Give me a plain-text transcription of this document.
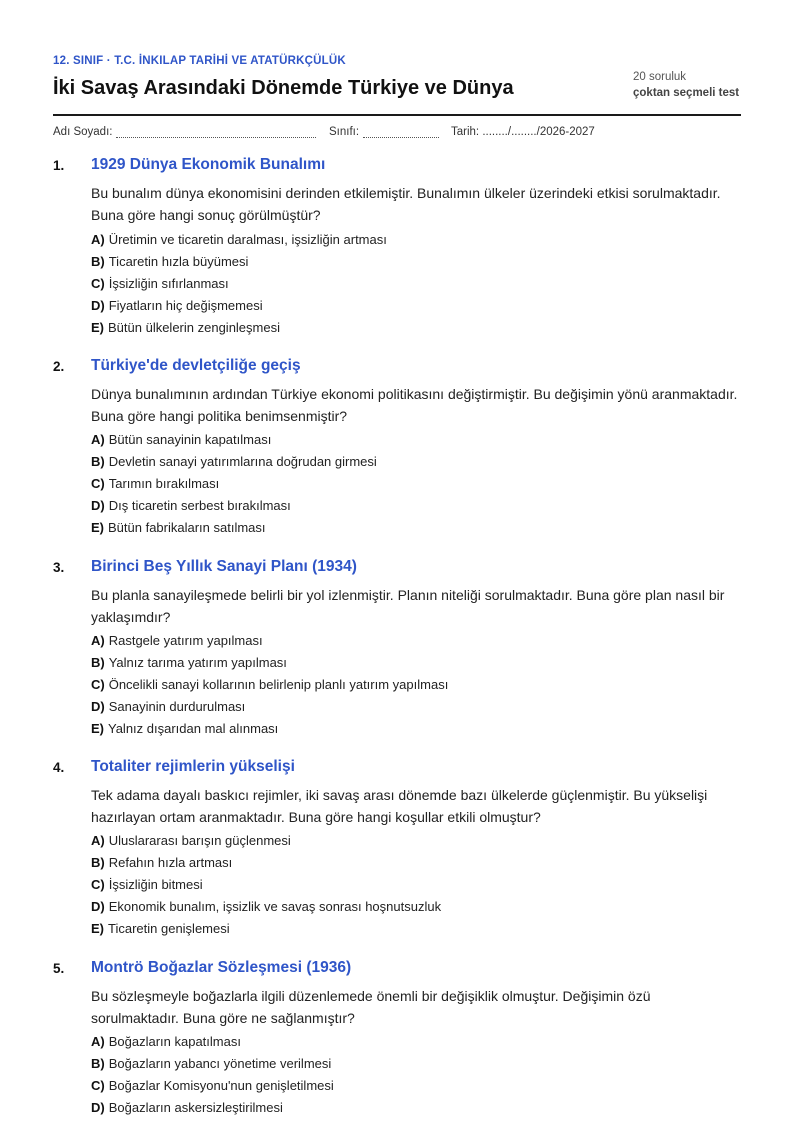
12. SINIF · T.C. İNKILAP TARİHİ VE ATATÜRKÇÜLÜK
İki Savaş Arasındaki Dönemde Türkiye ve Dünya	20 soruluk
çoktan seçmeli test
Adı Soyadı:	Sınıfı:	Tarih: ......../......../2026-2027
1. 1929 Dünya Ekonomik Bunalımı
Bu bunalım dünya ekonomisini derinden etkilemiştir. Bunalımın ülkeler üzerindeki etkisi sorulmaktadır. Buna göre hangi sonuç görülmüştür?
A) Üretimin ve ticaretin daralması, işsizliğin artması
B) Ticaretin hızla büyümesi
C) İşsizliğin sıfırlanması
D) Fiyatların hiç değişmemesi
E) Bütün ülkelerin zenginleşmesi
2. Türkiye'de devletçiliğe geçiş
Dünya bunalımının ardından Türkiye ekonomi politikasını değiştirmiştir. Bu değişimin yönü aranmaktadır. Buna göre hangi politika benimsenmiştir?
A) Bütün sanayinin kapatılması
B) Devletin sanayi yatırımlarına doğrudan girmesi
C) Tarımın bırakılması
D) Dış ticaretin serbest bırakılması
E) Bütün fabrikaların satılması
3. Birinci Beş Yıllık Sanayi Planı (1934)
Bu planla sanayileşmede belirli bir yol izlenmiştir. Planın niteliği sorulmaktadır. Buna göre plan nasıl bir yaklaşımdır?
A) Rastgele yatırım yapılması
B) Yalnız tarıma yatırım yapılması
C) Öncelikli sanayi kollarının belirlenip planlı yatırım yapılması
D) Sanayinin durdurulması
E) Yalnız dışarıdan mal alınması
4. Totaliter rejimlerin yükselişi
Tek adama dayalı baskıcı rejimler, iki savaş arası dönemde bazı ülkelerde güçlenmiştir. Bu yükselişi hazırlayan ortam aranmaktadır. Buna göre hangi koşullar etkili olmuştur?
A) Uluslararası barışın güçlenmesi
B) Refahın hızla artması
C) İşsizliğin bitmesi
D) Ekonomik bunalım, işsizlik ve savaş sonrası hoşnutsuzluk
E) Ticaretin genişlemesi
5. Montrö Boğazlar Sözleşmesi (1936)
Bu sözleşmeyle boğazlarla ilgili düzenlemede önemli bir değişiklik olmuştur. Değişimin özü sorulmaktadır. Buna göre ne sağlanmıştır?
A) Boğazların kapatılması
B) Boğazların yabancı yönetime verilmesi
C) Boğazlar Komisyonu'nun genişletilmesi
D) Boğazların askersizleştirilmesi
